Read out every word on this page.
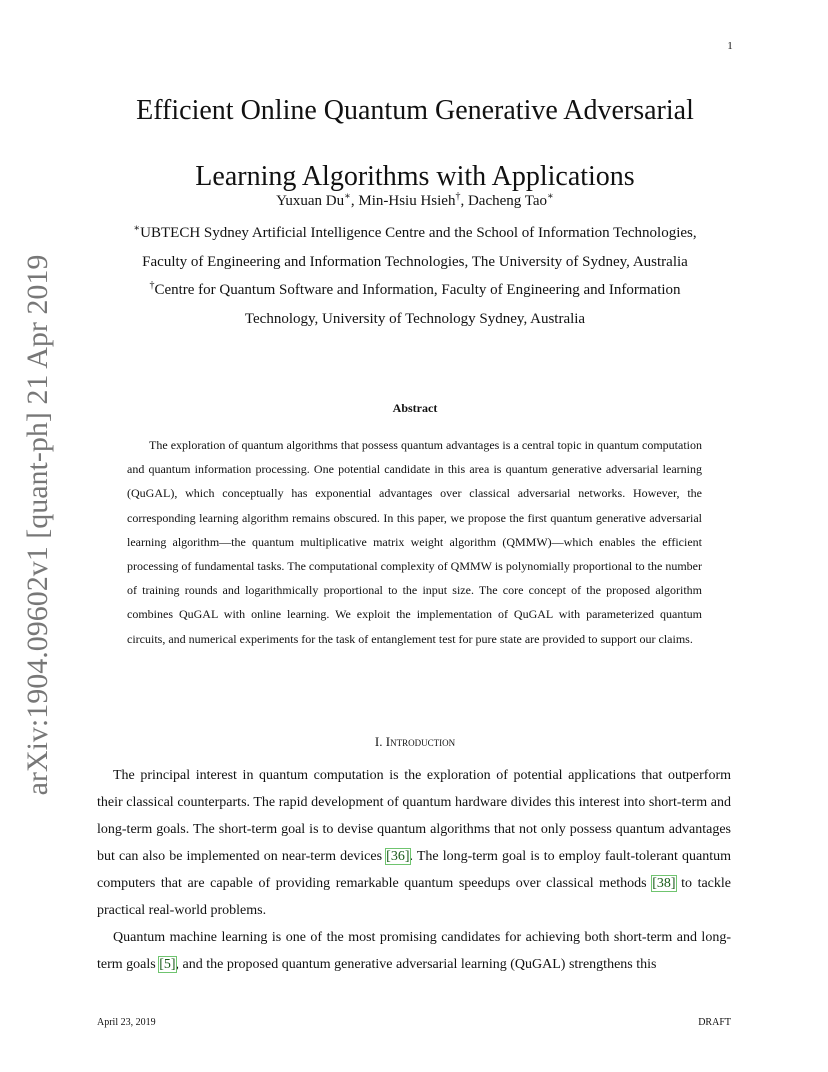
1
arXiv:1904.09602v1 [quant-ph] 21 Apr 2019
Efficient Online Quantum Generative Adversarial
Learning Algorithms with Applications
Yuxuan Du∗, Min-Hsiu Hsieh†, Dacheng Tao∗
∗UBTECH Sydney Artificial Intelligence Centre and the School of Information Technologies,
Faculty of Engineering and Information Technologies, The University of Sydney, Australia
†Centre for Quantum Software and Information, Faculty of Engineering and Information
Technology, University of Technology Sydney, Australia
Abstract

The exploration of quantum algorithms that possess quantum advantages is a central topic in quantum computation and quantum information processing. One potential candidate in this area is quantum generative adversarial learning (QuGAL), which conceptually has exponential advantages over classical adversarial networks. However, the corresponding learning algorithm remains obscured. In this paper, we propose the first quantum generative adversarial learning algorithm—the quantum multiplicative matrix weight algorithm (QMMW)—which enables the efficient processing of fundamental tasks. The computational complexity of QMMW is polynomially proportional to the number of training rounds and logarithmically proportional to the input size. The core concept of the proposed algorithm combines QuGAL with online learning. We exploit the implementation of QuGAL with parameterized quantum circuits, and numerical experiments for the task of entanglement test for pure state are provided to support our claims.

I. Introduction

The principal interest in quantum computation is the exploration of potential applications that outperform their classical counterparts. The rapid development of quantum hardware divides this interest into short-term and long-term goals. The short-term goal is to devise quantum algorithms that not only possess quantum advantages but can also be implemented on near-term devices [36]. The long-term goal is to employ fault-tolerant quantum computers that are capable of providing remarkable quantum speedups over classical methods [38] to tackle practical real-world problems.

Quantum machine learning is one of the most promising candidates for achieving both short-term and long-term goals [5], and the proposed quantum generative adversarial learning (QuGAL) strengthens this

April 23, 2019	DRAFT
